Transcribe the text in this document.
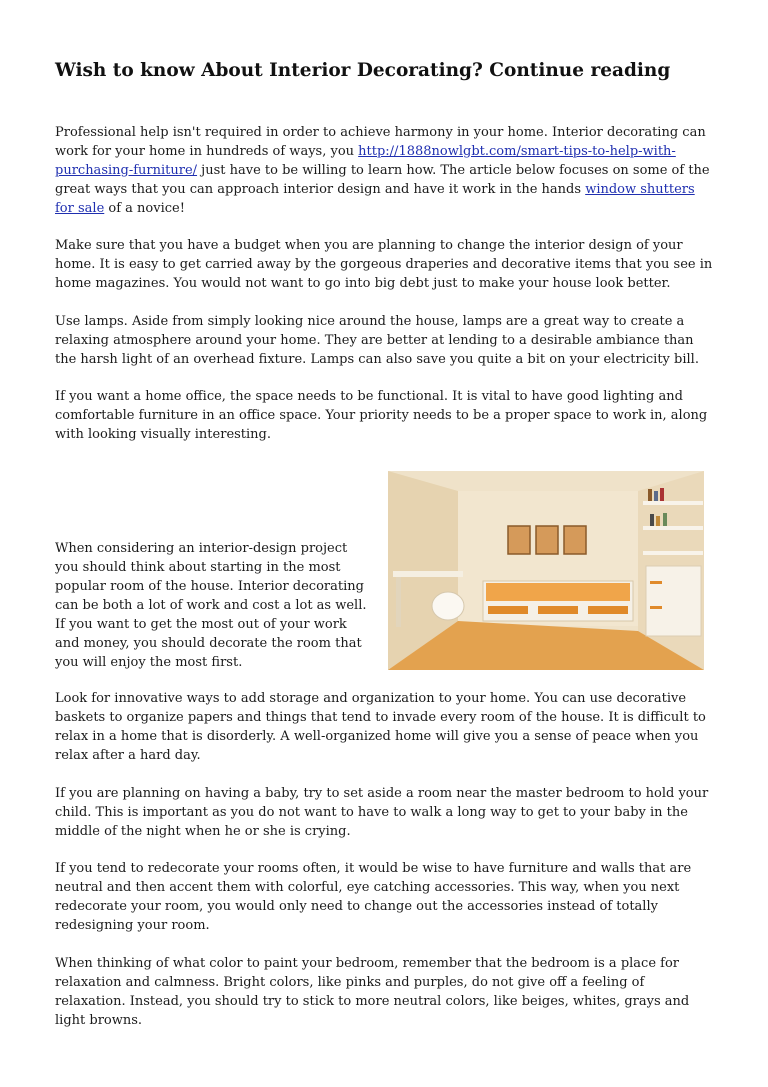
Wish to know About Interior Decorating? Continue reading

Professional help isn't required in order to achieve harmony in your home. Interior decorating can work for your home in hundreds of ways, you http://1888nowlgbt.com/smart-tips-to-help-with-purchasing-furniture/ just have to be willing to learn how. The article below focuses on some of the great ways that you can approach interior design and have it work in the hands window shutters for sale of a novice!

Make sure that you have a budget when you are planning to change the interior design of your home. It is easy to get carried away by the gorgeous draperies and decorative items that you see in home magazines. You would not want to go into big debt just to make your house look better.

Use lamps. Aside from simply looking nice around the house, lamps are a great way to create a relaxing atmosphere around your home. They are better at lending to a desirable ambiance than the harsh light of an overhead fixture. Lamps can also save you quite a bit on your electricity bill.

If you want a home office, the space needs to be functional. It is vital to have good lighting and comfortable furniture in an office space. Your priority needs to be a proper space to work in, along with looking visually interesting.

When considering an interior-design project you should think about starting in the most popular room of the house. Interior decorating can be both a lot of work and cost a lot as well. If you want to get the most out of your work and money, you should decorate the room that you will enjoy the most first.

Look for innovative ways to add storage and organization to your home. You can use decorative baskets to organize papers and things that tend to invade every room of the house. It is difficult to relax in a home that is disorderly. A well-organized home will give you a sense of peace when you relax after a hard day.

If you are planning on having a baby, try to set aside a room near the master bedroom to hold your child. This is important as you do not want to have to walk a long way to get to your baby in the middle of the night when he or she is crying.

If you tend to redecorate your rooms often, it would be wise to have furniture and walls that are neutral and then accent them with colorful, eye catching accessories. This way, when you next redecorate your room, you would only need to change out the accessories instead of totally redesigning your room.

When thinking of what color to paint your bedroom, remember that the bedroom is a place for relaxation and calmness. Bright colors, like pinks and purples, do not give off a feeling of relaxation. Instead, you should try to stick to more neutral colors, like beiges, whites, grays and light browns.
